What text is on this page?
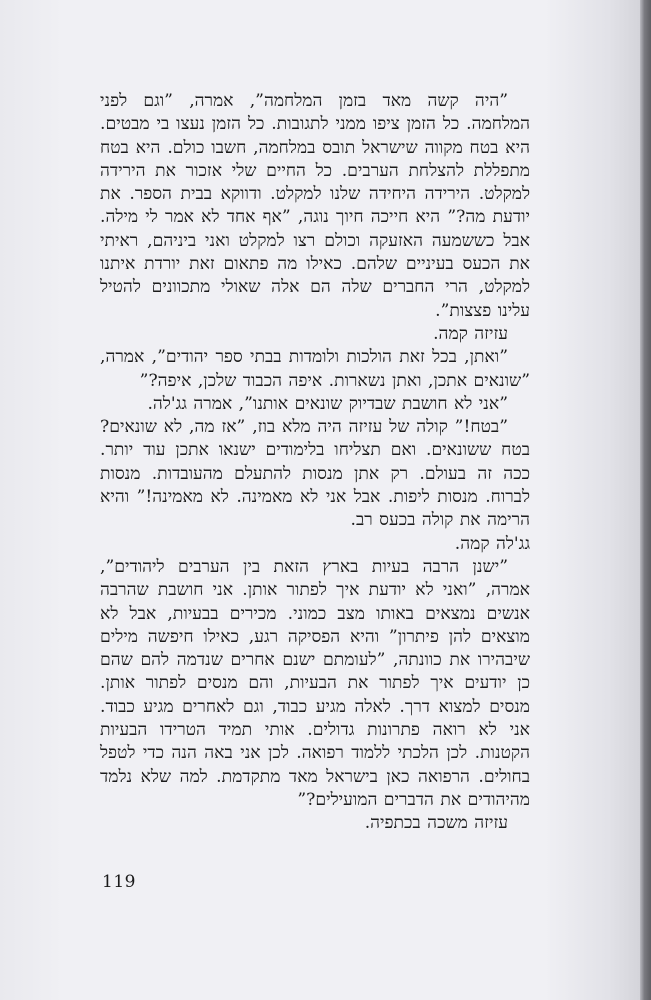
”היה קשה מאד בזמן המלחמה”, אמרה, ”וגם לפני המלחמה. כל הזמן ציפו ממני לתגובות. כל הזמן נעצו בי מבטים. היא בטח מקווה שישראל תובס במלחמה, חשבו כולם. היא בטח מתפללת להצלחת הערבים. כל החיים שלי אזכור את הירידה למקלט. הירידה היחידה שלנו למקלט. ודווקא בבית הספר. את יודעת מה?” היא חייכה חיוך נוגה, ”אף אחד לא אמר לי מילה. אבל כששמעה האזעקה וכולם רצו למקלט ואני ביניהם, ראיתי את הכעס בעיניים שלהם. כאילו מה פתאום זאת יורדת איתנו למקלט, הרי החברים שלה הם אלה שאולי מתכוונים להטיל עלינו פצצות”.

עזיזה קמה.

”ואתן, בכל זאת הולכות ולומדות בבתי ספר יהודים”, אמרה, ”שונאים אתכן, ואתן נשארות. איפה הכבוד שלכן, איפה?”

”אני לא חושבת שבדיוק שונאים אותנו”, אמרה גג'לה.

”בטח!” קולה של עזיזה היה מלא בוז, ”אז מה, לא שונאים? בטח ששונאים. ואם תצליחו בלימודים ישנאו אתכן עוד יותר. ככה זה בעולם. רק אתן מנסות להתעלם מהעובדות. מנסות לברוח. מנסות ליפות. אבל אני לא מאמינה. לא מאמינה!” והיא הרימה את קולה בכעס רב.

גג'לה קמה.

”ישנן הרבה בעיות בארץ הזאת בין הערבים ליהודים”, אמרה, ”ואני לא יודעת איך לפתור אותן. אני חושבת שהרבה אנשים נמצאים באותו מצב כמוני. מכירים בבעיות, אבל לא מוצאים להן פיתרון” והיא הפסיקה רגע, כאילו חיפשה מילים שיבהירו את כוונתה, ”לעומתם ישנם אחרים שנדמה להם שהם כן יודעים איך לפתור את הבעיות, והם מנסים לפתור אותן. מנסים למצוא דרך. לאלה מגיע כבוד, וגם לאחרים מגיע כבוד. אני לא רואה פתרונות גדולים. אותי תמיד הטרידו הבעיות הקטנות. לכן הלכתי ללמוד רפואה. לכן אני באה הנה כדי לטפל בחולים. הרפואה כאן בישראל מאד מתקדמת. למה שלא נלמד מהיהודים את הדברים המועילים?”

עזיזה משכה בכתפיה.

119
